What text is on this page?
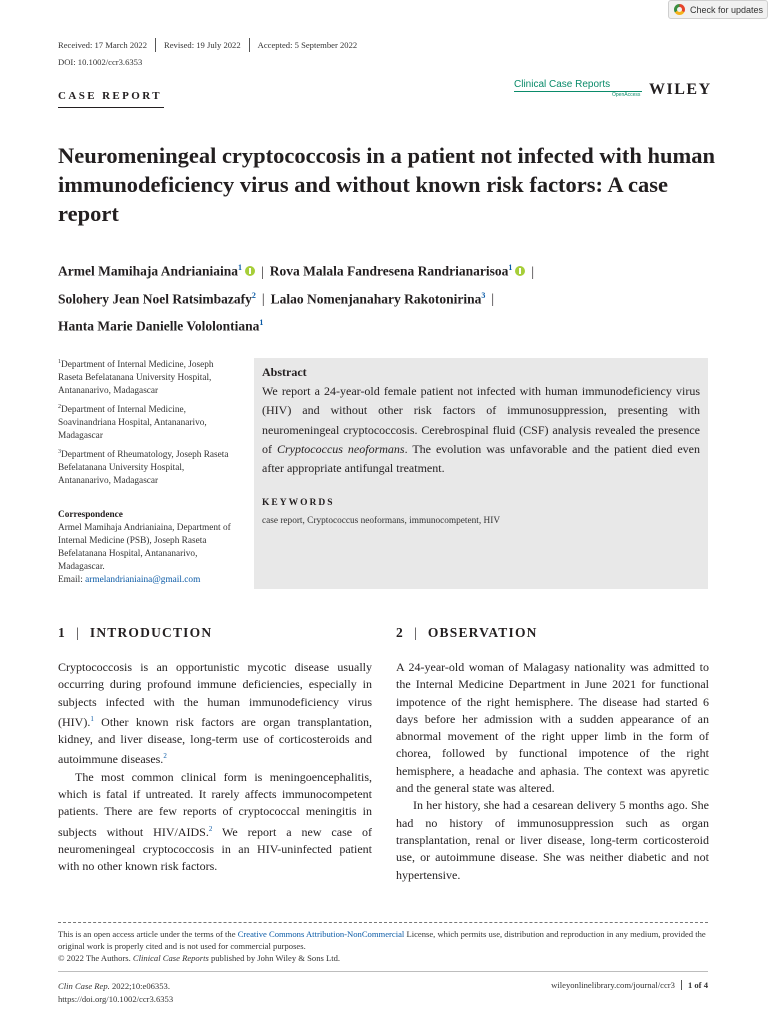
Check for updates
Received: 17 March 2022	Revised: 19 July 2022	Accepted: 5 September 2022
DOI: 10.1002/ccr3.6353
CASE REPORT
Clinical Case Reports
OpenAccess WILEY
Neuromeningeal cryptococcosis in a patient not infected with human immunodeficiency virus and without known risk factors: A case report
Armel Mamihaja Andrianiaina$^1$ | Rova Malala Fandresena Randrianarisoa$^1$ |
Solohery Jean Noel Ratsimbazafy$^2$ | Lalao Nomenjanahary Rakotonirina$^3$ |
Hanta Marie Danielle Vololontiana$^1$

$^1$Department of Internal Medicine, Joseph Raseta Befelatanana University Hospital, Antananarivo, Madagascar

$^2$Department of Internal Medicine, Soavinandriana Hospital, Antananarivo, Madagascar

$^3$Department of Rheumatology, Joseph Raseta Befelatanana University Hospital, Antananarivo, Madagascar

Correspondence
Armel Mamihaja Andrianiaina, Department of Internal Medicine (PSB), Joseph Raseta Befelatanana Hospital, Antananarivo, Madagascar.
Email: armelandrianiaina@gmail.com
Abstract

We report a 24-year-old female patient not infected with human immunodeficiency virus (HIV) and without other risk factors of immunosuppression, presenting with neuromeningeal cryptococcosis. Cerebrospinal fluid (CSF) analysis revealed the presence of Cryptococcus neoformans. The evolution was unfavorable and the patient died even after appropriate antifungal treatment.

KEYWORDS
case report, Cryptococcus neoformans, immunocompetent, HIV
1 | INTRODUCTION	2 | OBSERVATION

Cryptococcosis is an opportunistic mycotic disease usually occurring during profound immune deficiencies, especially in subjects infected with the human immunodeficiency virus (HIV).$^1$ Other known risk factors are organ transplantation, kidney, and liver disease, long-term use of corticosteroids and autoimmune diseases.$^2$

The most common clinical form is meningoencephalitis, which is fatal if untreated. It rarely affects immunocompetent patients. There are few reports of cryptococcal meningitis in subjects without HIV/AIDS.$^2$ We report a new case of neuromeningeal cryptococcosis in an HIV-uninfected patient with no other known risk factors.

A 24-year-old woman of Malagasy nationality was admitted to the Internal Medicine Department in June 2021 for functional impotence of the right hemisphere. The disease had started 6 days before her admission with a sudden appearance of an abnormal movement of the right upper limb in the form of chorea, followed by functional impotence of the right hemisphere, a headache and aphasia. The context was apyretic and the general state was altered.

In her history, she had a cesarean delivery 5 months ago. She had no history of immunosuppression such as organ transplantation, renal or liver disease, long-term corticosteroid use, or autoimmune disease. She was neither diabetic and not hypertensive.

This is an open access article under the terms of the Creative Commons Attribution-NonCommercial License, which permits use, distribution and reproduction in any medium, provided the original work is properly cited and is not used for commercial purposes.
© 2022 The Authors. Clinical Case Reports published by John Wiley & Sons Ltd.
Clin Case Rep. 2022;10:e06353.
https://doi.org/10.1002/ccr3.6353
wileyonlinelibrary.com/journal/ccr3	1 of 4
